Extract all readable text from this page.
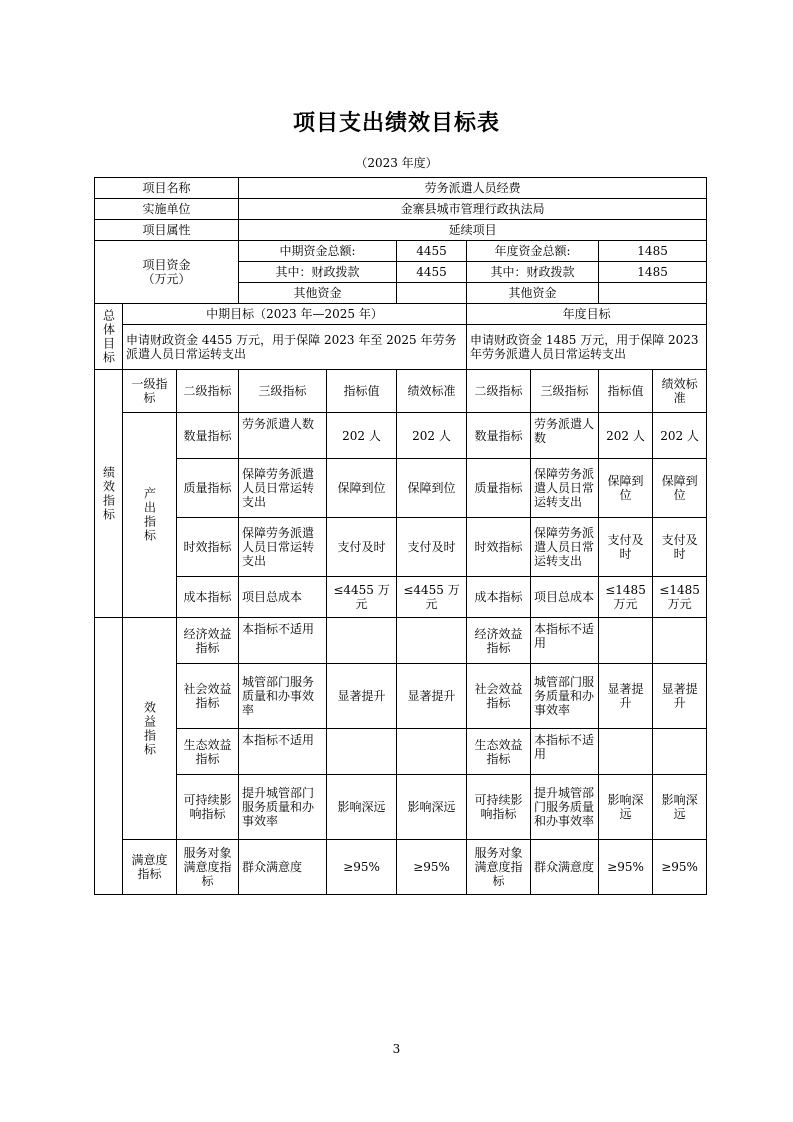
项目支出绩效目标表
（2023 年度）
项目名称			劳务派遣人员经费						
实施单位			金寨县城市管理行政执法局						
项目属性			延续项目						

项目资金
（万元）			中期资金总额:		4455	年度资金总额:		1485	
			其中：财政拨款		4455	其中：财政拨款		1485	
			其他资金			其他资金			
总体目标	中期目标（2023 年—2025 年）					年度目标			
	申请财政资金 4455 万元，用于保障 2023 年至 2025 年劳务派遣人员日常运转支出					申请财政资金 1485 万元，用于保障 2023 年劳务派遣人员日常运转支出			
绩效指标	一级指标	二级指标	三级指标	指标值	绩效标准	二级指标	三级指标	指标值	绩效标准
	产出指标	数量指标	劳务派遣人数	202 人	202 人	数量指标	劳务派遣人数	202 人	202 人
		质量指标	保障劳务派遣人员日常运转支出	保障到位	保障到位	质量指标	保障劳务派遣人员日常运转支出	保障到位	保障到位
		时效指标	保障劳务派遣人员日常运转支出	支付及时	支付及时	时效指标	保障劳务派遣人员日常运转支出	支付及时	支付及时
		成本指标	项目总成本	≤4455 万元	≤4455 万元	成本指标	项目总成本	≤1485万元	≤1485万元
	效益指标	经济效益指标	本指标不适用			经济效益指标	本指标不适用		
		社会效益指标	城管部门服务质量和办事效率	显著提升	显著提升	社会效益指标	城管部门服务质量和办事效率	显著提升	显著提升
		生态效益指标	本指标不适用			生态效益指标	本指标不适用		
		可持续影响指标	提升城管部门服务质量和办事效率	影响深远	影响深远	可持续影响指标	提升城管部门服务质量和办事效率	影响深远	影响深远
	满意度指标	服务对象满意度指标	群众满意度	≥95%	≥95%	服务对象满意度指标	群众满意度	≥95%	≥95%
3
